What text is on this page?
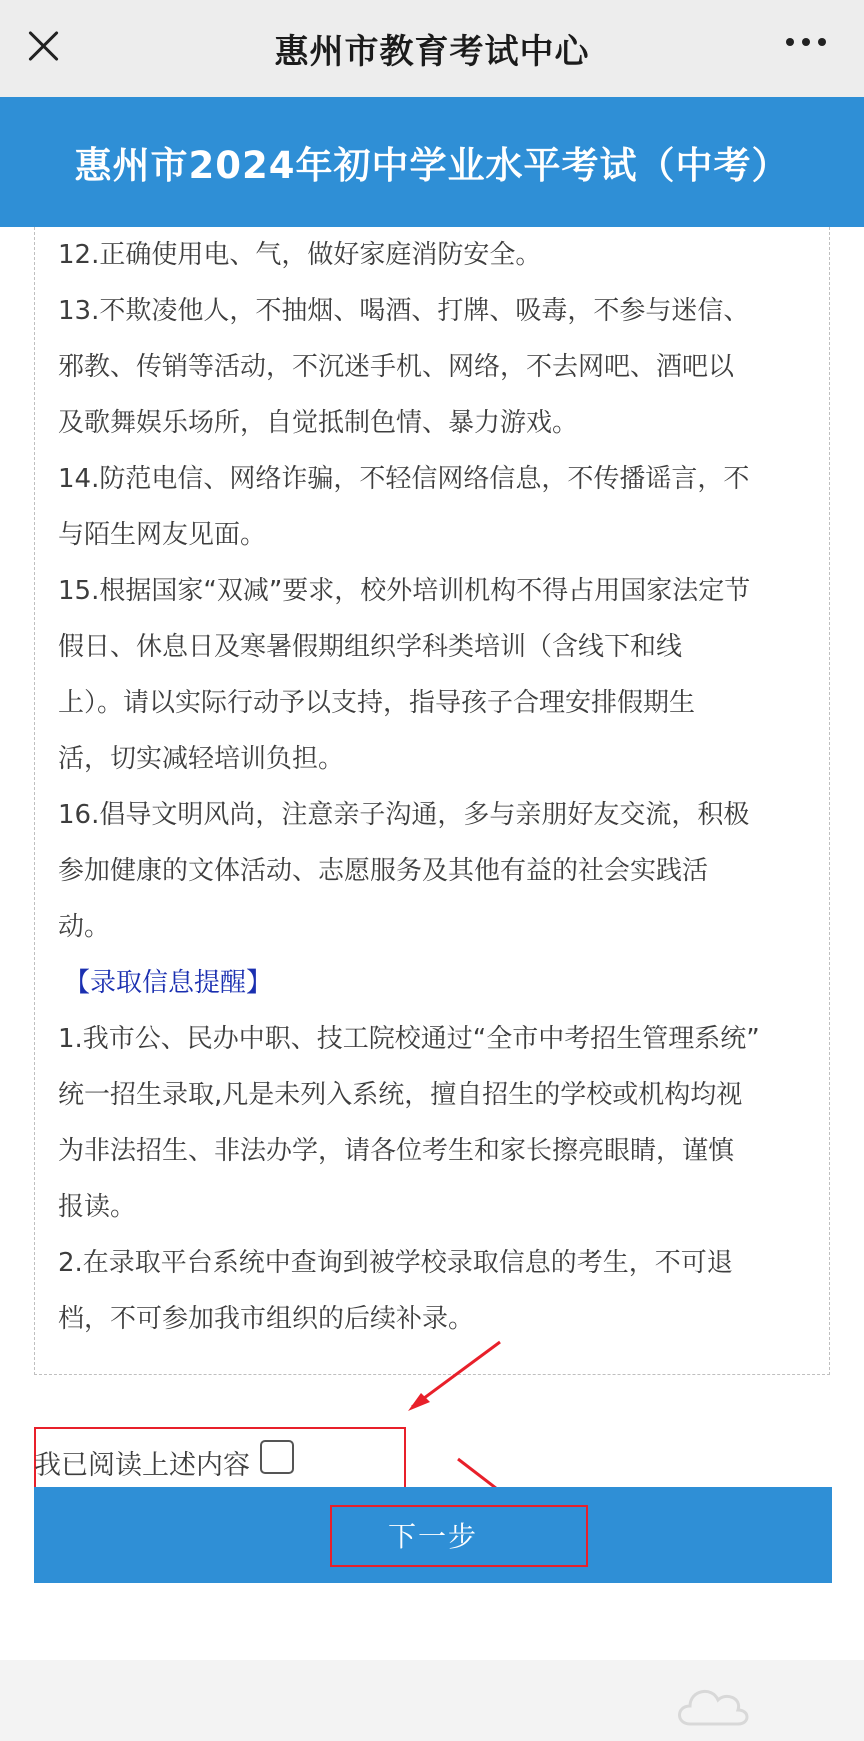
惠州市教育考试中心
惠州市2024年初中学业水平考试（中考）

12.正确使用电、气，做好家庭消防安全。

13.不欺凌他人，不抽烟、喝酒、打牌、吸毒，不参与迷信、

邪教、传销等活动，不沉迷手机、网络，不去网吧、酒吧以

及歌舞娱乐场所，自觉抵制色情、暴力游戏。

14.防范电信、网络诈骗，不轻信网络信息，不传播谣言，不

与陌生网友见面。

15.根据国家“双减”要求，校外培训机构不得占用国家法定节

假日、休息日及寒暑假期组织学科类培训（含线下和线

上）。请以实际行动予以支持，指导孩子合理安排假期生

活，切实减轻培训负担。

16.倡导文明风尚，注意亲子沟通，多与亲朋好友交流，积极

参加健康的文体活动、志愿服务及其他有益的社会实践活

动。

【录取信息提醒】

1.我市公、民办中职、技工院校通过“全市中考招生管理系统”

统一招生录取,凡是未列入系统，擅自招生的学校或机构均视

为非法招生、非法办学，请各位考生和家长擦亮眼睛，谨慎

报读。

2.在录取平台系统中查询到被学校录取信息的考生，不可退

档，不可参加我市组织的后续补录。

我已阅读上述内容
下一步
